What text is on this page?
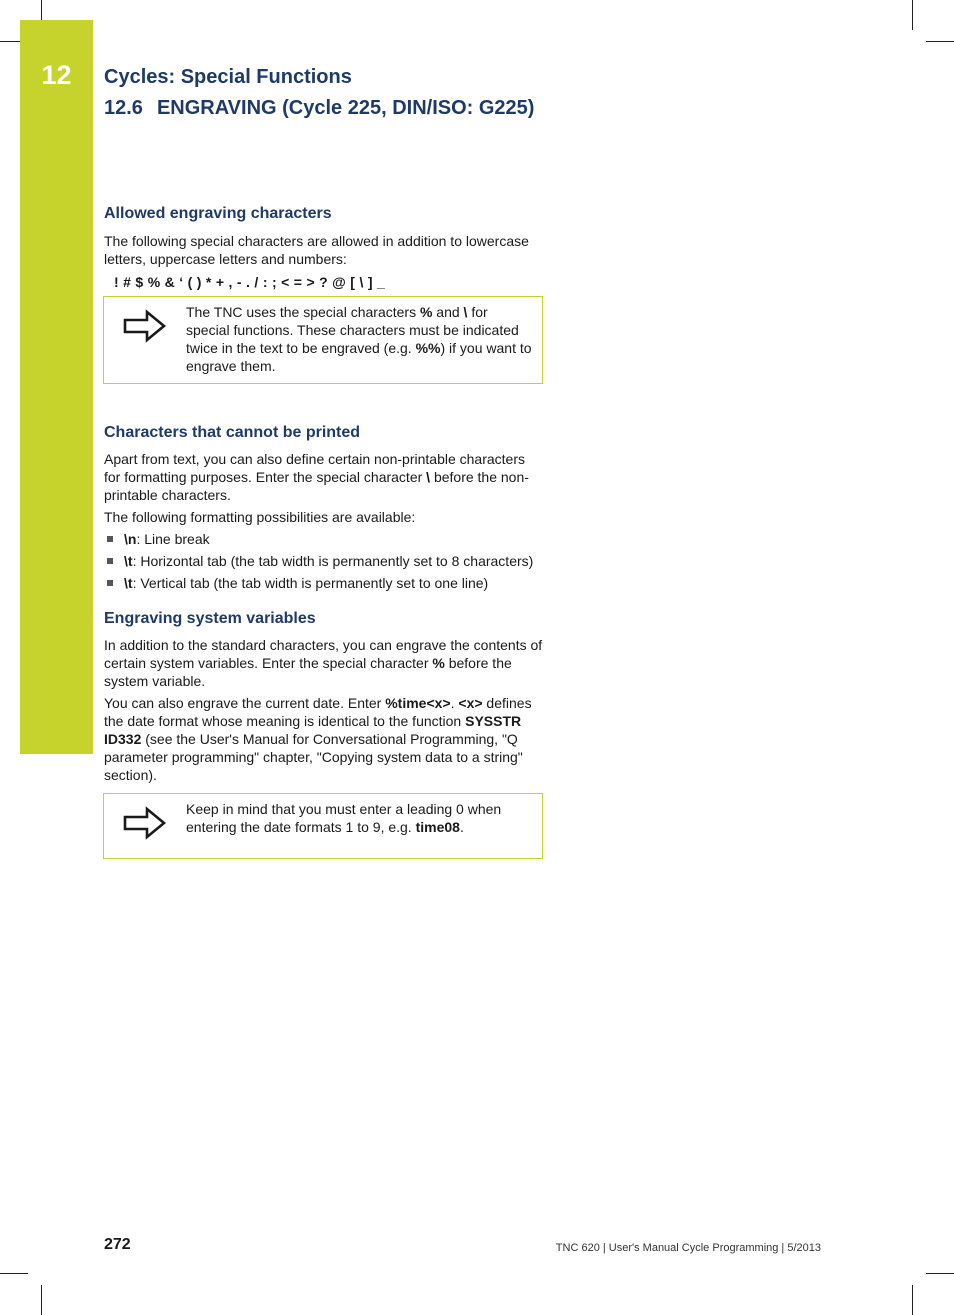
12	Cycles: Special Functions
12.6 ENGRAVING (Cycle 225, DIN/ISO: G225)
Allowed engraving characters

The following special characters are allowed in addition to lowercase letters, uppercase letters and numbers:

! # $ % & ‘ ( ) * + , - . / : ; < = > ? @ [ \ ] _
The TNC uses the special characters % and \ for special functions. These characters must be indicated twice in the text to be engraved (e.g. %%) if you want to engrave them.
Characters that cannot be printed

Apart from text, you can also define certain non-printable characters for formatting purposes. Enter the special character \ before the non-printable characters.

The following formatting possibilities are available:

\n: Line break
\t: Horizontal tab (the tab width is permanently set to 8 characters)
\t: Vertical tab (the tab width is permanently set to one line)
Engraving system variables

In addition to the standard characters, you can engrave the contents of certain system variables. Enter the special character % before the system variable.

You can also engrave the current date. Enter %time<x>. <x> defines the date format whose meaning is identical to the function SYSSTR ID332 (see the User's Manual for Conversational Programming, "Q parameter programming" chapter, "Copying system data to a string" section).

Keep in mind that you must enter a leading 0 when entering the date formats 1 to 9, e.g. time08.
272	TNC 620 | User's Manual Cycle Programming | 5/2013
